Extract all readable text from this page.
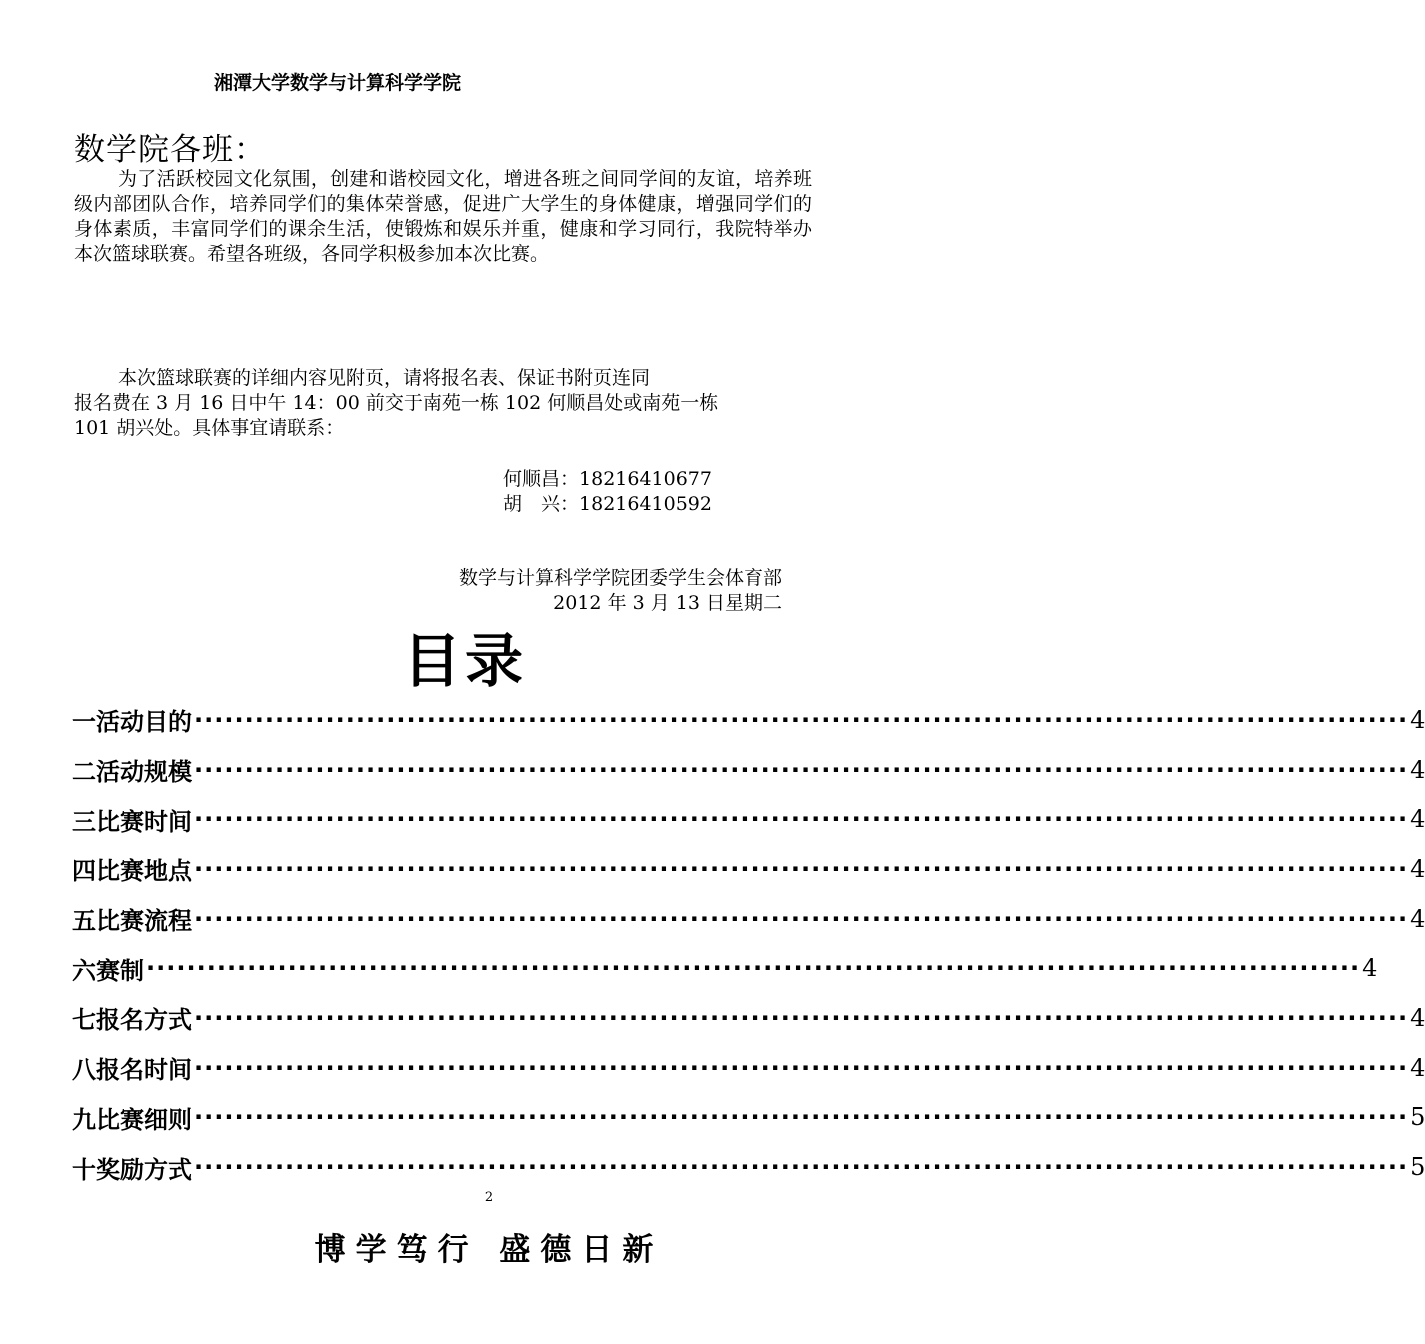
湘潭大学数学与计算科学学院
数学院各班：
为了活跃校园文化氛围，创建和谐校园文化，增进各班之间同学间的友谊，培养班级内部团队合作，培养同学们的集体荣誉感，促进广大学生的身体健康，增强同学们的身体素质，丰富同学们的课余生活，使锻炼和娱乐并重，健康和学习同行，我院特举办本次篮球联赛。希望各班级，各同学积极参加本次比赛。
本次篮球联赛的详细内容见附页，请将报名表、保证书附页连同
报名费在 3 月 16 日中午 14：00 前交于南苑一栋 102 何顺昌处或南苑一栋
101 胡兴处。具体事宜请联系：
何顺昌：18216410677
胡　兴：18216410592
数学与计算科学学院团委学生会体育部
2012 年 3 月 13 日星期二
目录
一 活动目的 ························································································································ 4
二 活动规模 ························································································································ 4
三 比赛时间 ························································································································ 4
四 比赛地点 ························································································································ 4
五 比赛流程 ························································································································ 4
六 赛制 ························································································································ 4
七 报名方式 ························································································································ 4
八 报名时间 ························································································································ 4
九 比赛细则 ························································································································ 5
十 奖励方式 ························································································································ 5
2
博学笃行 盛德日新
